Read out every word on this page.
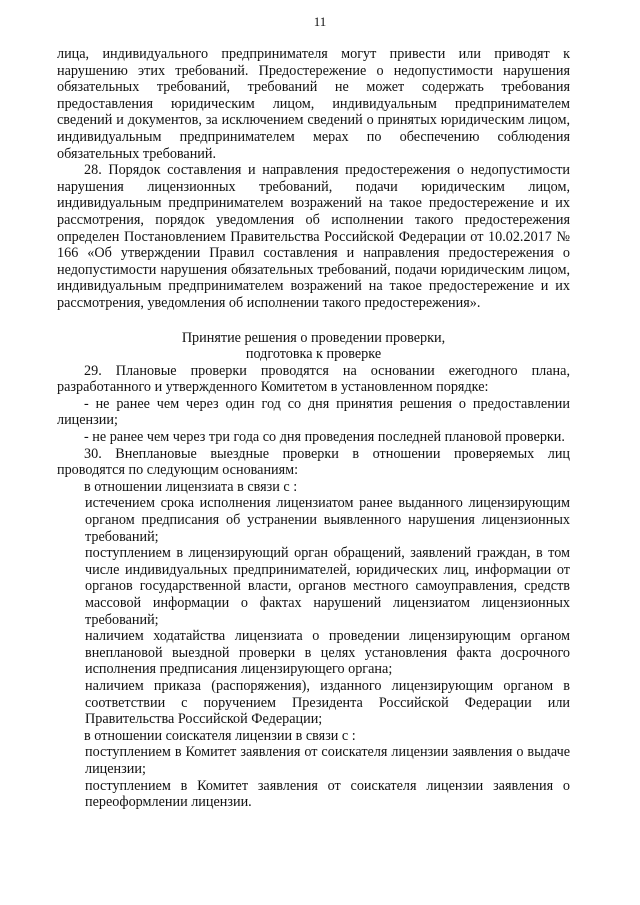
11

лица, индивидуального предпринимателя могут привести или приводят к нарушению этих требований. Предостережение о недопустимости нарушения обязательных требований, требований не может содержать требования предоставления юридическим лицом, индивидуальным предпринимателем сведений и документов, за исключением сведений о принятых юридическим лицом, индивидуальным предпринимателем мерах по обеспечению соблюдения обязательных требований.

28. Порядок составления и направления предостережения о недопустимости нарушения лицензионных требований, подачи юридическим лицом, индивидуальным предпринимателем возражений на такое предостережение и их рассмотрения, порядок уведомления об исполнении такого предостережения определен Постановлением Правительства Российской Федерации от 10.02.2017 № 166 «Об утверждении Правил составления и направления предостережения о недопустимости нарушения обязательных требований, подачи юридическим лицом, индивидуальным предпринимателем возражений на такое предостережение и их рассмотрения, уведомления об исполнении такого предостережения».

Принятие решения о проведении проверки,
подготовка к проверке

29. Плановые проверки проводятся на основании ежегодного плана, разработанного и утвержденного Комитетом в установленном порядке:

- не ранее чем через один год со дня принятия решения о предоставлении лицензии;

- не ранее чем через три года со дня проведения последней плановой проверки.

30. Внеплановые выездные проверки в отношении проверяемых лиц проводятся по следующим основаниям:

в отношении лицензиата в связи с :

истечением срока исполнения лицензиатом ранее выданного лицензирующим органом предписания об устранении выявленного нарушения лицензионных требований;

поступлением в лицензирующий орган обращений, заявлений граждан, в том числе индивидуальных предпринимателей, юридических лиц, информации от органов государственной власти, органов местного самоуправления, средств массовой информации о фактах нарушений лицензиатом лицензионных требований;

наличием ходатайства лицензиата о проведении лицензирующим органом внеплановой выездной проверки в целях установления факта досрочного исполнения предписания лицензирующего органа;

наличием приказа (распоряжения), изданного лицензирующим органом в соответствии с поручением Президента Российской Федерации или Правительства Российской Федерации;

в отношении соискателя лицензии в связи с :

поступлением в Комитет заявления от соискателя лицензии заявления о выдаче лицензии;

поступлением в Комитет заявления от соискателя лицензии заявления о переоформлении лицензии.
